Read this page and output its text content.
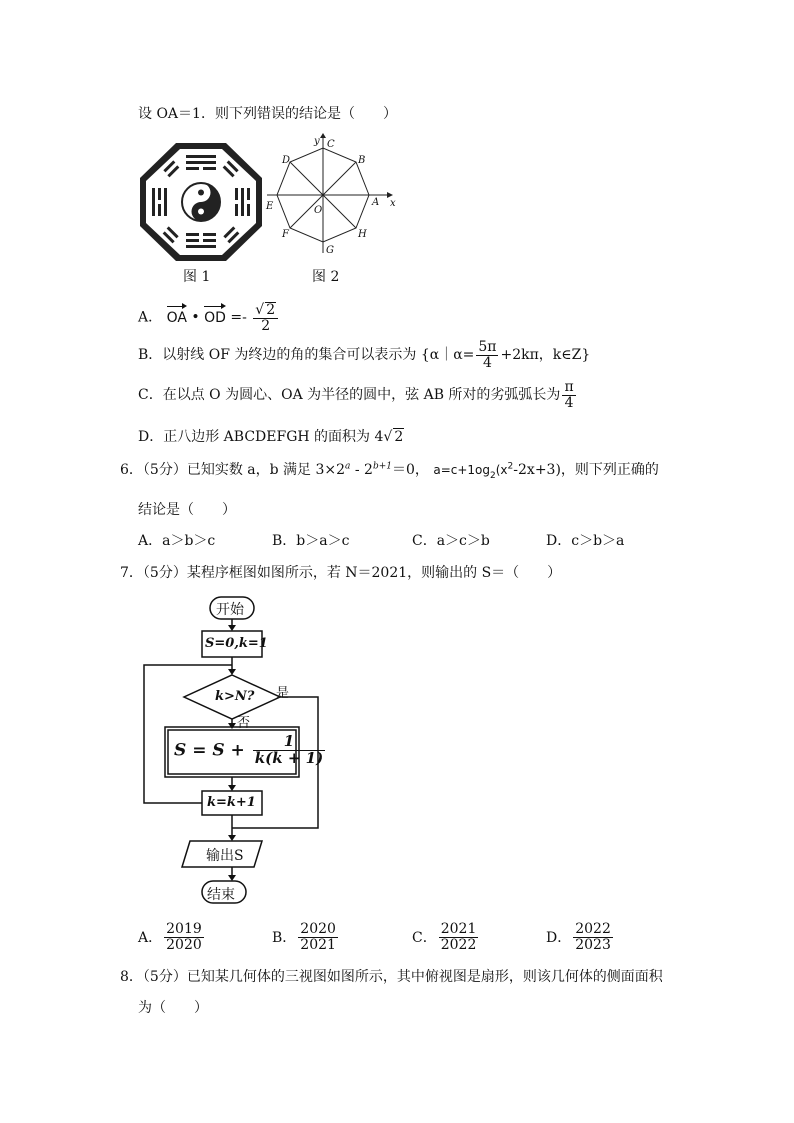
设 OA＝1．则下列错误的结论是（　　）
图 1
A
B
C
D
E
F
G
H
O
x
y
图 2
A． OA • OD =- $\frac{√ 2}{2}$
B．以射线 OF 为终边的角的集合可以表示为 {α｜α= $\frac{5\pi}{4} +2k\pi$，k∈Z}
C．在以点 O 为圆心、OA 为半径的圆中，弦 AB 所对的劣弧弧长为 $\frac{\pi}{4}$
D．正八边形 ABCDEFGH 的面积为 4√ 2
6．（5分）已知实数 a，b 满足 $3\times 2^a - 2^{b+1}=0$， $a=c+1og_2(x^2-2x+3)$，则下列正确的
结论是（　　）
A．a＞b＞c	B．b＞a＞c	C．a＞c＞b	D．c＞b＞a
7．（5分）某程序框图如图所示，若 N＝2021，则输出的 S＝（　　）
开始
S=0,k=1
k>N? 是
否
$S = S + \frac{1}{k(k + 1)}$
k=k+1
输出S
结束
A． $\frac{2019}{2020}$	B． $\frac{2020}{2021}$	C． $\frac{2021}{2022}$	D． $\frac{2022}{2023}$
8．（5分）已知某几何体的三视图如图所示，其中俯视图是扇形，则该几何体的侧面面积
为（　　）
